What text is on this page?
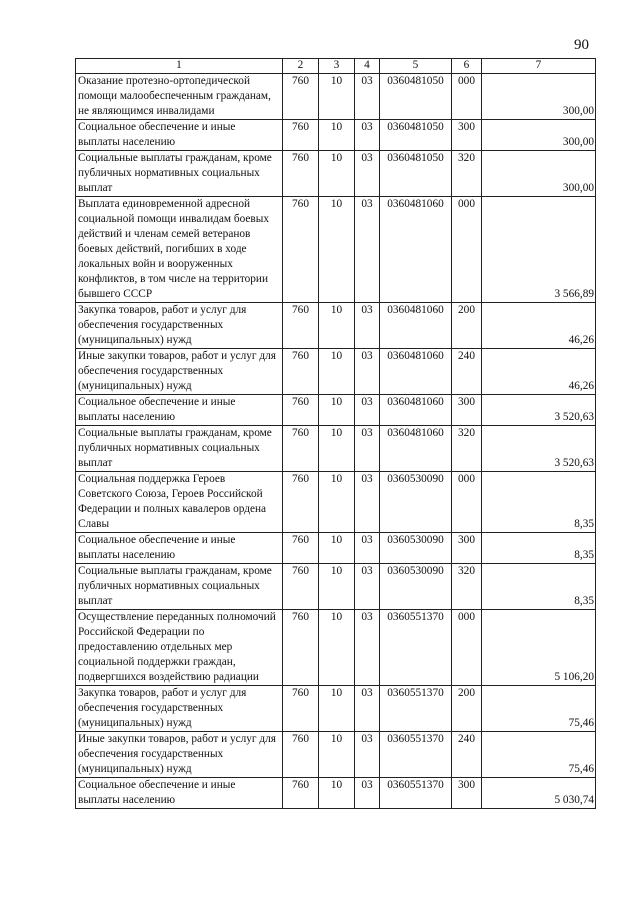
90
1	2	3	4	5	6	7
Оказание протезно-ортопедической помощи малообеспеченным гражданам, не являющимся инвалидами	760	10	03	0360481050	000	300,00
Социальное обеспечение и иные выплаты населению	760	10	03	0360481050	300	300,00
Социальные выплаты гражданам, кроме публичных нормативных социальных выплат	760	10	03	0360481050	320	300,00
Выплата единовременной адресной социальной помощи инвалидам боевых действий и членам семей ветеранов боевых действий, погибших в ходе локальных войн и вооруженных конфликтов, в том числе на территории бывшего СССР	760	10	03	0360481060	000	3 566,89
Закупка товаров, работ и услуг для обеспечения государственных (муниципальных) нужд	760	10	03	0360481060	200	46,26
Иные закупки товаров, работ и услуг для обеспечения государственных (муниципальных) нужд	760	10	03	0360481060	240	46,26
Социальное обеспечение и иные выплаты населению	760	10	03	0360481060	300	3 520,63
Социальные выплаты гражданам, кроме публичных нормативных социальных выплат	760	10	03	0360481060	320	3 520,63
Социальная поддержка Героев Советского Союза, Героев Российской Федерации и полных кавалеров ордена Славы	760	10	03	0360530090	000	8,35
Социальное обеспечение и иные выплаты населению	760	10	03	0360530090	300	8,35
Социальные выплаты гражданам, кроме публичных нормативных социальных выплат	760	10	03	0360530090	320	8,35
Осуществление переданных полномочий Российской Федерации по предоставлению отдельных мер социальной поддержки граждан, подвергшихся воздействию радиации	760	10	03	0360551370	000	5 106,20
Закупка товаров, работ и услуг для обеспечения государственных (муниципальных) нужд	760	10	03	0360551370	200	75,46
Иные закупки товаров, работ и услуг для обеспечения государственных (муниципальных) нужд	760	10	03	0360551370	240	75,46
Социальное обеспечение и иные выплаты населению	760	10	03	0360551370	300	5 030,74
